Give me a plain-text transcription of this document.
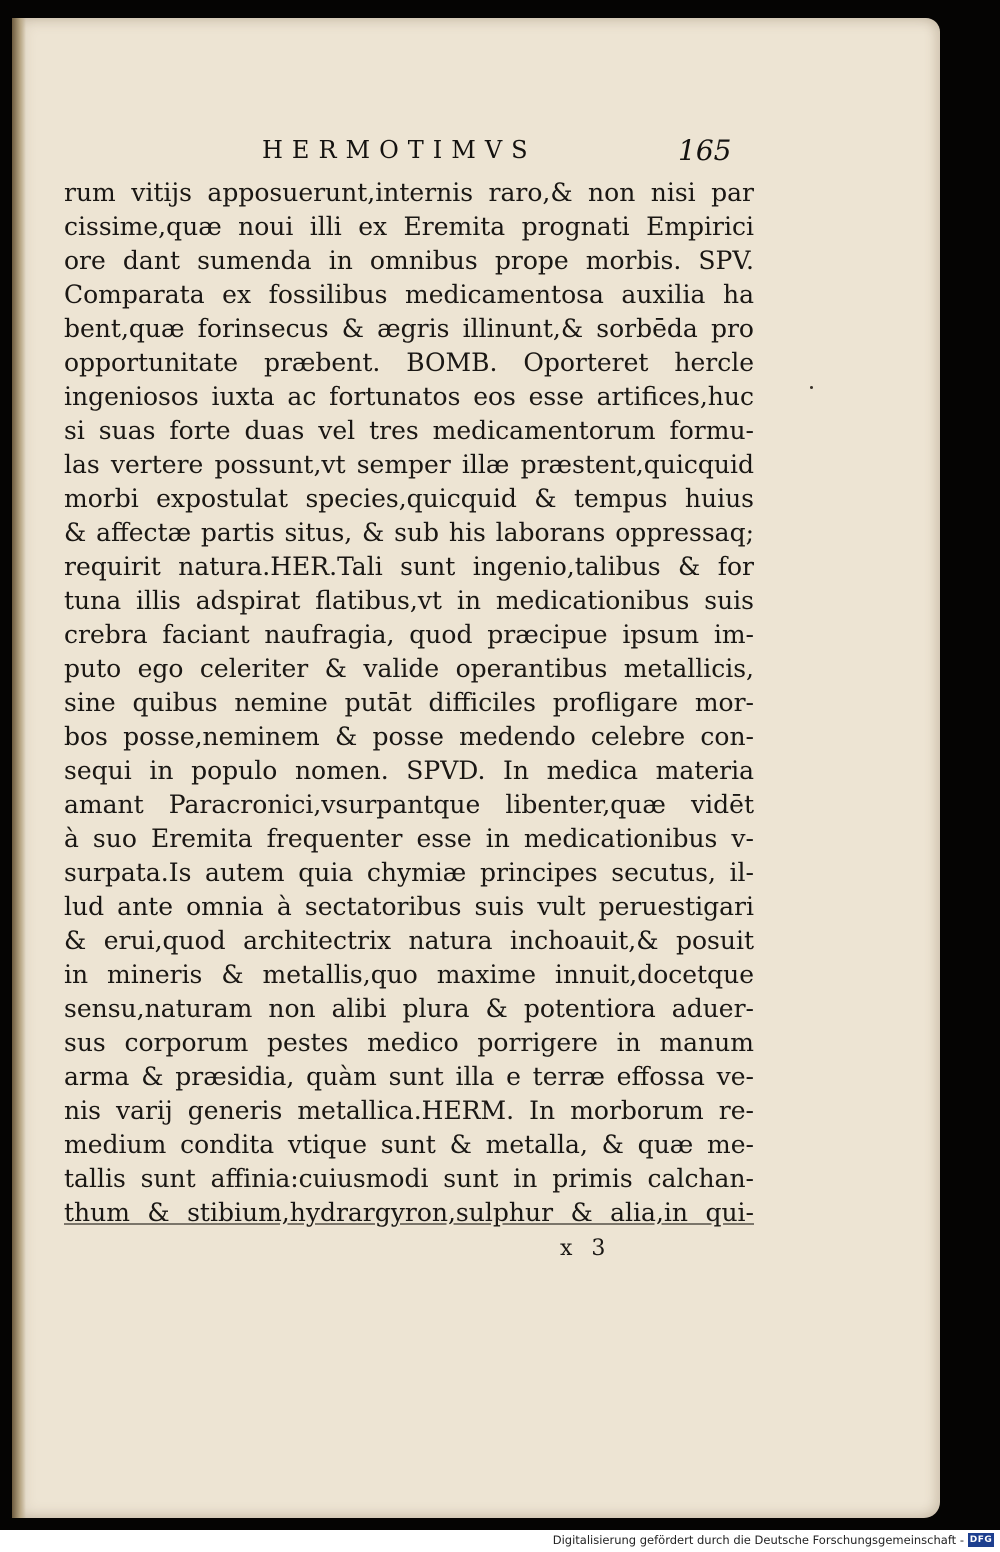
HERMOTIMVS	165
rum vitijs apposuerunt,internis raro,& non nisi par
cissime,quæ noui illi ex Eremita prognati Empirici
ore dant sumenda in omnibus prope morbis. SPV.
Comparata ex fossilibus medicamentosa auxilia ha
bent,quæ forinsecus & ægris illinunt,& sorbēda pro
opportunitate præbent. BOMB. Oporteret hercle
ingeniosos iuxta ac fortunatos eos esse artifices,huc
si suas forte duas vel tres medicamentorum formu-
las vertere possunt,vt semper illæ præstent,quicquid
morbi expostulat species,quicquid & tempus huius
& affectæ partis situs, & sub his laborans oppressaq;
requirit natura.HER.Tali sunt ingenio,talibus & for
tuna illis adspirat flatibus,vt in medicationibus suis
crebra faciant naufragia, quod præcipue ipsum im-
puto ego celeriter & valide operantibus metallicis,
sine quibus nemine putāt difficiles profligare mor-
bos posse,neminem & posse medendo celebre con-
sequi in populo nomen. SPVD. In medica materia
amant Paracronici,vsurpantque libenter,quæ vidēt
à suo Eremita frequenter esse in medicationibus v-
surpata.Is autem quia chymiæ principes secutus, il-
lud ante omnia à sectatoribus suis vult peruestigari
& erui,quod architectrix natura inchoauit,& posuit
in mineris & metallis,quo maxime innuit,docetque
sensu,naturam non alibi plura & potentiora aduer-
sus corporum pestes medico porrigere in manum
arma & præsidia, quàm sunt illa e terræ effossa ve-
nis varij generis metallica.HERM. In morborum re-
medium condita vtique sunt & metalla, & quæ me-
tallis sunt affinia:cuiusmodi sunt in primis calchan-
thum & stibium,hydrargyron,sulphur & alia,in qui-
x 3
Digitalisierung gefördert durch die Deutsche Forschungsgemeinschaft - DFG
